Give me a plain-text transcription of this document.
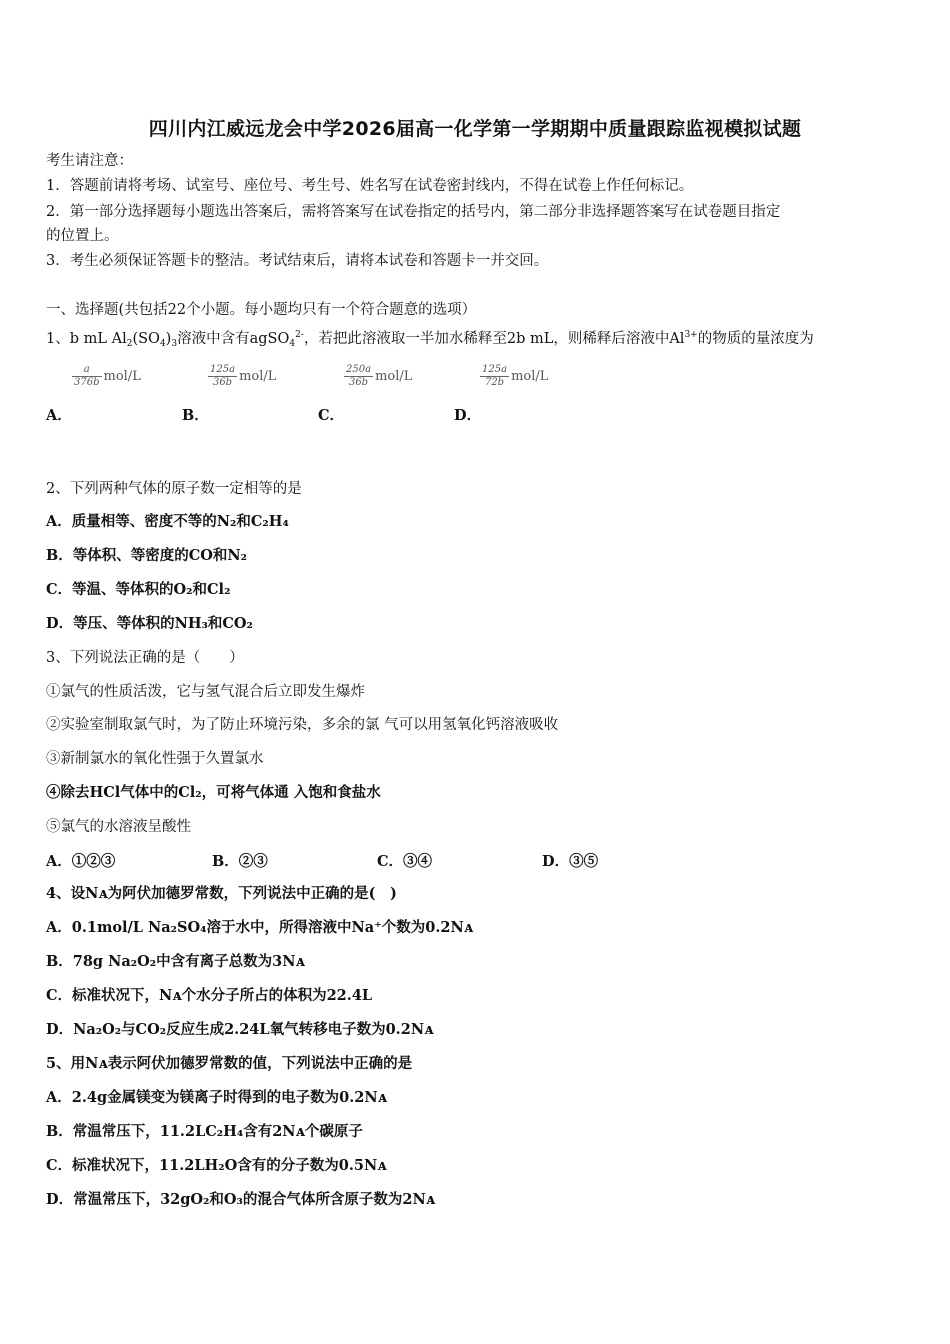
四川内江威远龙会中学2026届高一化学第一学期期中质量跟踪监视模拟试题
考生请注意：
1．答题前请将考场、试室号、座位号、考生号、姓名写在试卷密封线内，不得在试卷上作任何标记。
2．第一部分选择题每小题选出答案后，需将答案写在试卷指定的括号内，第二部分非选择题答案写在试卷题目指定
的位置上。
3．考生必须保证答题卡的整洁。考试结束后，请将本试卷和答题卡一并交回。
一、选择题(共包括22个小题。每小题均只有一个符合题意的选项）
1、b mL $Al_2(SO_4)_3$溶液中含有agSO$_4^{2-}$，若把此溶液取一半加水稀释至2b mL，则稀释后溶液中$Al^{3+}$的物质的量浓度为
$\frac{a}{376b} mol/L$	$\frac{125a}{36b} mol/L$	$\frac{250a}{36b} mol/L$	$\frac{125a}{72b} mol/L$
A．	B．	C．	D．
2、下列两种气体的原子数一定相等的是
A．质量相等、密度不等的N₂和C₂H₄
B．等体积、等密度的CO和N₂
C．等温、等体积的O₂和Cl₂
D．等压、等体积的NH₃和CO₂
3、下列说法正确的是（　　）
①氯气的性质活泼，它与氢气混合后立即发生爆炸
②实验室制取氯气时，为了防止环境污染，多余的氯 气可以用氢氧化钙溶液吸收
③新制氯水的氧化性强于久置氯水
④除去HCl气体中的Cl₂，可将气体通 入饱和食盐水
⑤氯气的水溶液呈酸性
A．①②③	B．②③	C．③④	D．③⑤
4、设Nᴀ为阿伏加德罗常数，下列说法中正确的是(　)
A．0.1mol/L Na₂SO₄溶于水中，所得溶液中Na⁺个数为0.2Nᴀ
B．78g Na₂O₂中含有离子总数为3Nᴀ
C．标准状况下，Nᴀ个水分子所占的体积为22.4L
D．Na₂O₂与CO₂反应生成2.24L氧气转移电子数为0.2Nᴀ
5、用Nᴀ表示阿伏加德罗常数的值，下列说法中正确的是
A．2.4g金属镁变为镁离子时得到的电子数为0.2Nᴀ
B．常温常压下，11.2LC₂H₄含有2Nᴀ个碳原子
C．标准状况下，11.2LH₂O含有的分子数为0.5Nᴀ
D．常温常压下，32gO₂和O₃的混合气体所含原子数为2Nᴀ
